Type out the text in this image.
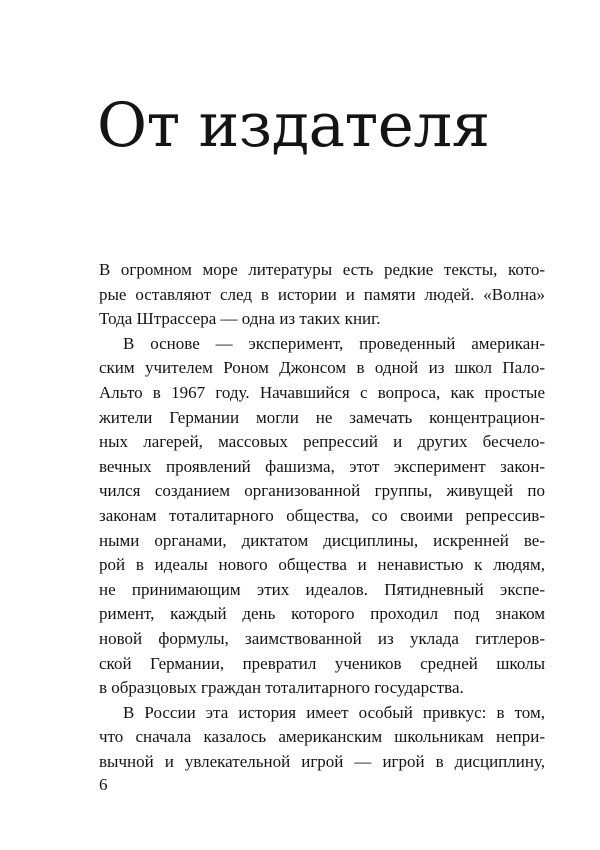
От издателя
В огромном море литературы есть редкие тексты, кото-
рые оставляют след в истории и памяти людей. «Волна»
Тода Штрассера — одна из таких книг.
В основе — эксперимент, проведенный американ-
ским учителем Роном Джонсом в одной из школ Пало-
Альто в 1967 году. Начавшийся с вопроса, как простые
жители Германии могли не замечать концентрацион-
ных лагерей, массовых репрессий и других бесчело-
вечных проявлений фашизма, этот эксперимент закон-
чился созданием организованной группы, живущей по
законам тоталитарного общества, со своими репрессив-
ными органами, диктатом дисциплины, искренней ве-
рой в идеалы нового общества и ненавистью к людям,
не принимающим этих идеалов. Пятидневный экспе-
римент, каждый день которого проходил под знаком
новой формулы, заимствованной из уклада гитлеров-
ской Германии, превратил учеников средней школы
в образцовых граждан тоталитарного государства.
В России эта история имеет особый привкус: в том,
что сначала казалось американским школьникам непри-
вычной и увлекательной игрой — игрой в дисциплину,
6
